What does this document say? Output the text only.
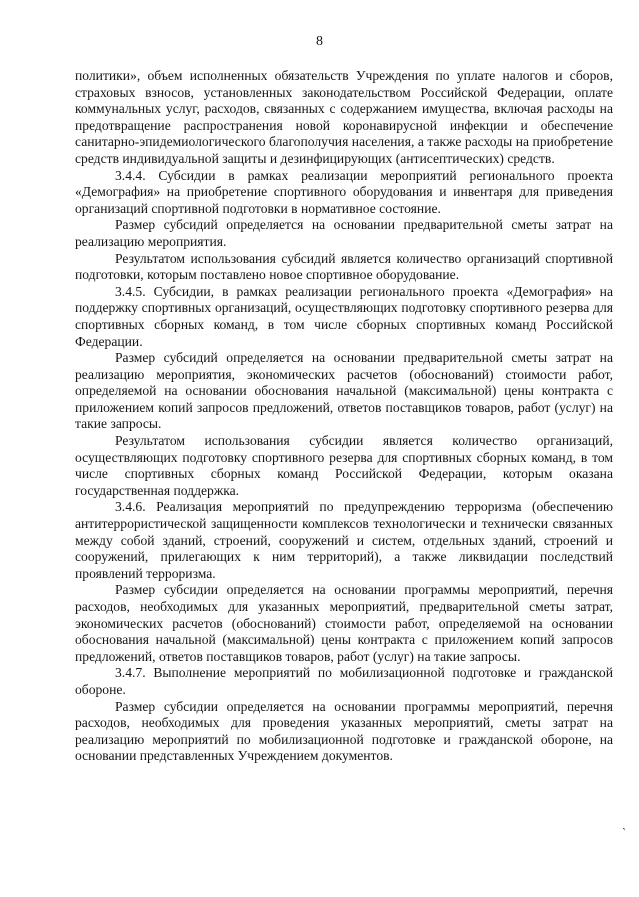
8

политики», объем исполненных обязательств Учреждения по уплате налогов и сборов, страховых взносов, установленных законодательством Российской Федерации, оплате коммунальных услуг, расходов, связанных с содержанием имущества, включая расходы на предотвращение распространения новой коронавирусной инфекции и обеспечение санитарно-эпидемиологического благополучия населения, а также расходы на приобретение средств индивидуальной защиты и дезинфицирующих (антисептических) средств.

3.4.4. Субсидии в рамках реализации мероприятий регионального проекта «Демография» на приобретение спортивного оборудования и инвентаря для приведения организаций спортивной подготовки в нормативное состояние.

Размер субсидий определяется на основании предварительной сметы затрат на реализацию мероприятия.

Результатом использования субсидий является количество организаций спортивной подготовки, которым поставлено новое спортивное оборудование.

3.4.5. Субсидии, в рамках реализации регионального проекта «Демография» на поддержку спортивных организаций, осуществляющих подготовку спортивного резерва для спортивных сборных команд, в том числе сборных спортивных команд Российской Федерации.

Размер субсидий определяется на основании предварительной сметы затрат на реализацию мероприятия, экономических расчетов (обоснований) стоимости работ, определяемой на основании обоснования начальной (максимальной) цены контракта с приложением копий запросов предложений, ответов поставщиков товаров, работ (услуг) на такие запросы.

Результатом использования субсидии является количество организаций, осуществляющих подготовку спортивного резерва для спортивных сборных команд, в том числе спортивных сборных команд Российской Федерации, которым оказана государственная поддержка.

3.4.6. Реализация мероприятий по предупреждению терроризма (обеспечению антитеррористической защищенности комплексов технологически и технически связанных между собой зданий, строений, сооружений и систем, отдельных зданий, строений и сооружений, прилегающих к ним территорий), а также ликвидации последствий проявлений терроризма.

Размер субсидии определяется на основании программы мероприятий, перечня расходов, необходимых для указанных мероприятий, предварительной сметы затрат, экономических расчетов (обоснований) стоимости работ, определяемой на основании обоснования начальной (максимальной) цены контракта с приложением копий запросов предложений, ответов поставщиков товаров, работ (услуг) на такие запросы.

3.4.7. Выполнение мероприятий по мобилизационной подготовке и гражданской обороне.

Размер субсидии определяется на основании программы мероприятий, перечня расходов, необходимых для проведения указанных мероприятий, сметы затрат на реализацию мероприятий по мобилизационной подготовке и гражданской обороне, на основании представленных Учреждением документов.

ʼ
